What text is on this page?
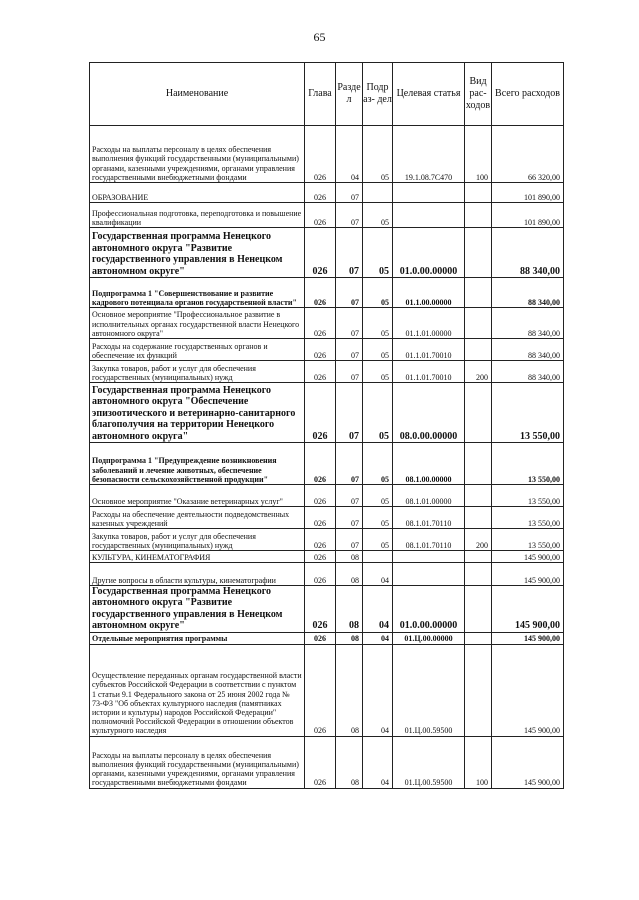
65
Наименование	Глава	Разде л	Подр аз- дел	Целевая статья	Вид рас- ходов	Всего расходов
Расходы на выплаты персоналу в целях обеспечения выполнения функций государственными (муниципальными) органами, казенными учреждениями, органами управления государственными внебюджетными фондами	026	04	05	19.1.08.7С470	100	66 320,00
ОБРАЗОВАНИЕ	026	07				101 890,00
Профессиональная подготовка, переподготовка и повышение квалификации	026	07	05			101 890,00
Государственная программа Ненецкого автономного округа "Развитие государственного управления в Ненецком автономном округе"	026	07	05	01.0.00.00000		88 340,00
Подпрограмма 1 "Совершенствование и развитие кадрового потенциала органов государственной власти"	026	07	05	01.1.00.00000		88 340,00
Основное мероприятие "Профессиональное развитие в исполнительных органах государственной власти Ненецкого автономного округа"	026	07	05	01.1.01.00000		88 340,00
Расходы на содержание государственных органов и обеспечение их функций	026	07	05	01.1.01.70010		88 340,00
Закупка товаров, работ и услуг для обеспечения государственных (муниципальных) нужд	026	07	05	01.1.01.70010	200	88 340,00
Государственная программа Ненецкого автономного округа "Обеспечение эпизоотического и ветеринарно-санитарного благополучия на территории Ненецкого автономного округа"	026	07	05	08.0.00.00000		13 550,00
Подпрограмма 1 "Предупреждение возникновения заболеваний и лечение животных, обеспечение безопасности сельскохозяйственной продукции"	026	07	05	08.1.00.00000		13 550,00
Основное мероприятие "Оказание ветеринарных услуг"	026	07	05	08.1.01.00000		13 550,00
Расходы на обеспечение деятельности подведомственных казенных учреждений	026	07	05	08.1.01.70110		13 550,00
Закупка товаров, работ и услуг для обеспечения государственных (муниципальных) нужд	026	07	05	08.1.01.70110	200	13 550,00
КУЛЬТУРА, КИНЕМАТОГРАФИЯ	026	08				145 900,00
Другие вопросы в области культуры, кинематографии	026	08	04			145 900,00
Государственная программа Ненецкого автономного округа "Развитие государственного управления в Ненецком автономном округе"	026	08	04	01.0.00.00000		145 900,00
Отдельные мероприятия программы	026	08	04	01.Ц.00.00000		145 900,00
Осуществление переданных органам государственной власти субъектов Российской Федерации в соответствии с пунктом 1 статьи 9.1 Федерального закона от 25 июня 2002 года № 73-ФЗ "Об объектах культурного наследия (памятниках истории и культуры) народов Российской Федерации" полномочий Российской Федерации в отношении объектов культурного наследия	026	08	04	01.Ц.00.59500		145 900,00
Расходы на выплаты персоналу в целях обеспечения выполнения функций государственными (муниципальными) органами, казенными учреждениями, органами управления государственными внебюджетными фондами	026	08	04	01.Ц.00.59500	100	145 900,00
